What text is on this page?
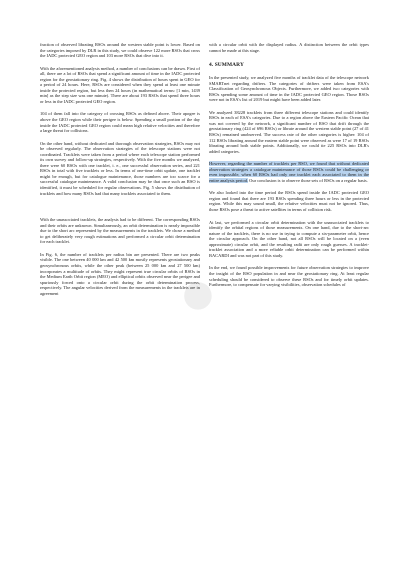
fraction of observed librating RSOs around the western stable point is lower. Based on the categories imposed by DLR in this study, we could observe 122 more RSOs that cross the IADC protected GEO region and 103 more RSOs that dive into it.

With the aforementioned analysis method, a number of conclusions can be drawn. First of all, there are a lot of RSOs that spend a significant amount of time in the IADC protected region for the geostationary ring. Fig. 4 shows the distribution of hours spent in GEO for a period of 24 hours. Here, RSOs are considered when they spend at least one minute inside the protected region, but less then 24 hours (in mathematical terms: [1 min, 1439 min] as the step size was one minute). There are about 193 RSOs that spend three hours or less in the IADC protected GEO region.

104 of them fall into the category of crossing RSOs as defined above. Their apogee is above the GEO region while their perigee is below. Spending a small portion of the day inside the IADC protected GEO region could mean high relative velocities and therefore a large threat for collisions.

On the other hand, without dedicated and thorough observation strategies, RSOs may not be observed regularly. The observation strategies of the telescope stations were not coordinated. Tracklets were taken from a period where each telescope station performed its own survey and follow-up strategies, respectively. With the five months we analyzed, there were 60 RSOs with one tracklet, i. e., one successful observation series, and 221 RSOs in total with five tracklets or less. In terms of one-time orbit update, one tracklet might be enough, but for catalogue maintenance, those numbers are too scarce for a successful catalogue maintenance. A valid conclusion may be that once such an RSO is identified, it must be scheduled for regular observations. Fig. 5 shows the distribution of tracklets and how many RSOs had that many tracklets associated to them.

With the unassociated tracklets, the analysis had to be different. The corresponding RSOs and their orbits are unknown. Simultaneously, an orbit determination is nearly impossible due to the short arc represented by the measurements in the tracklets. We chose a method to get deliberately very rough estimations and performed a circular orbit determination for each tracklet.

In Fig. 6, the number of tracklets per radius bin are presented. There are two peaks visible. The one between 40 000 km and 42 500 km mostly represents geostationary and geosynchronous orbits, while the other peak (between 25 000 km and 27 500 km) incorporates a multitude of orbits. They might represent true circular orbits of RSOs in the Medium Earth Orbit region (MEO) and elliptical orbits observed near the perigee and spuriously forced onto a circular orbit during the orbit determination process, respectively. The angular velocities derived from the measurements in the tracklets are in agreement

with a circular orbit with the displayed radius. A distinction between the orbit types cannot be made at this stage.

4. SUMMARY

In the presented study, we analyzed five months of tracklet data of the telescope network SMARTnet regarding drifters. The categories of drifters were taken from ESA's Classification of Geosynchronous Objects. Furthermore, we added two categories with RSOs spending some amount of time in the IADC protected GEO region. Those RSOs were not in ESA's list of 2019 but might have been added later.

We analyzed 38228 tracklets from three different telescope stations and could identify RSOs in each of ESA's categories. Due to a region above the Eastern Pacific Ocean that was not covered by the network, a significant number of RSO that drift through the geostationary ring (424 of 696 RSOs) or librate around the western stable point (27 of 41 RSOs) remained unobserved. The success rate of the other categories is higher: 104 of 112 RSOs librating around the eastern stable point were observed as were 17 of 19 RSOs librating around both stable points. Additionally, we could tie 225 RSOs into DLR's added categories.

However, regarding the number of tracklets per RSO, we found that without dedicated observation strategies a catalogue maintenance of those RSOs could be challenging or even impossible, when 60 RSOs had only one tracklet each associated to them in the entire analysis period. Our conclusion is to observe those sets of RSOs on a regular basis.

We also looked into the time period the RSOs spend inside the IADC protected GEO region and found that there are 193 RSOs spending three hours or less in the protected region. While this may sound small, the relative velocities must not be ignored. Thus, those RSOs pose a threat to active satellites in terms of collision risk.

At last, we performed a circular orbit determination with the unassociated tracklets to identify the orbital regions of those measurements. On one hand, due to the short-arc nature of the tracklets, there is no use in trying to compute a six-parameter orbit, hence the circular approach. On the other hand, not all RSOs will be located on a (even approximate) circular orbit, and the resulting radii are only rough guesses. A tracklet-tracklet association and a more reliable orbit determination can be performed within BACARDI and was not part of this study.

In the end, we found possible improvements for future observation strategies to improve the insight of the RSO population in and near the geostationary ring. At least regular scheduling should be considered to observe these RSOs and for timely orbit updates. Furthermore, to compensate for varying visibilities, observation schedules of

●
